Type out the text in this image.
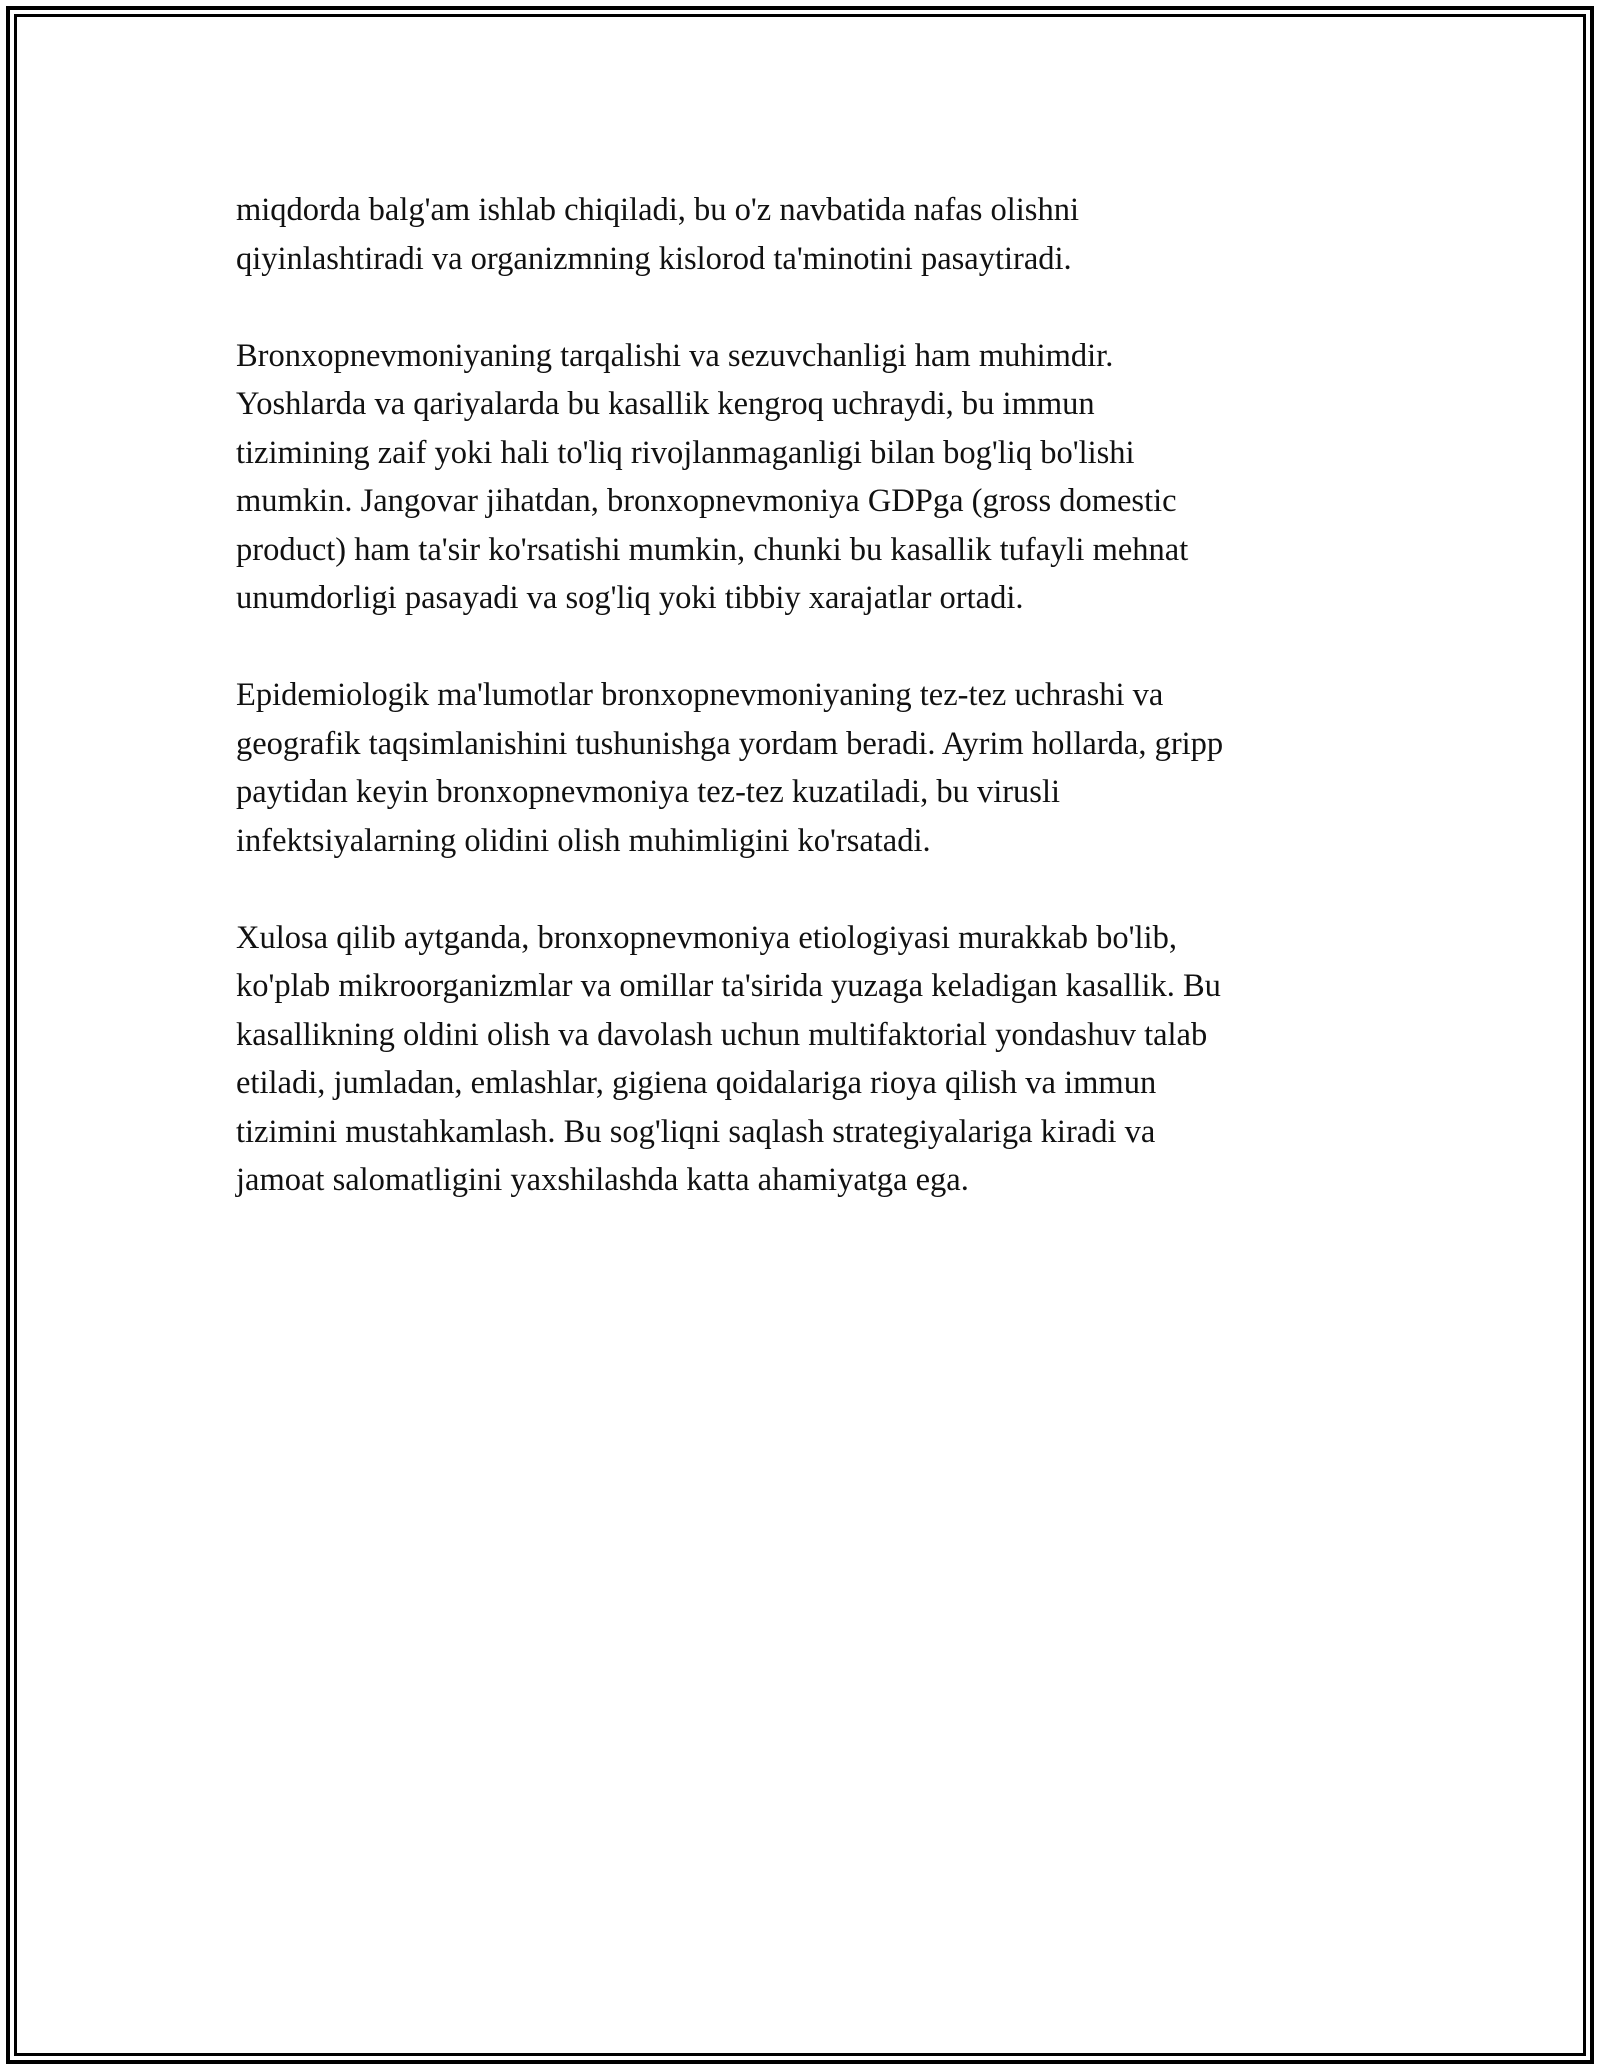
miqdorda balg'am ishlab chiqiladi, bu o'z navbatida nafas olishni
qiyinlashtiradi va organizmning kislorod ta'minotini pasaytiradi.

Bronxopnevmoniyaning tarqalishi va sezuvchanligi ham muhimdir.
Yoshlarda va qariyalarda bu kasallik kengroq uchraydi, bu immun
tizimining zaif yoki hali to'liq rivojlanmaganligi bilan bog'liq bo'lishi
mumkin. Jangovar jihatdan, bronxopnevmoniya GDPga (gross domestic
product) ham ta'sir ko'rsatishi mumkin, chunki bu kasallik tufayli mehnat
unumdorligi pasayadi va sog'liq yoki tibbiy xarajatlar ortadi.

Epidemiologik ma'lumotlar bronxopnevmoniyaning tez-tez uchrashi va
geografik taqsimlanishini tushunishga yordam beradi. Ayrim hollarda, gripp
paytidan keyin bronxopnevmoniya tez-tez kuzatiladi, bu virusli
infektsiyalarning olidini olish muhimligini ko'rsatadi.

Xulosa qilib aytganda, bronxopnevmoniya etiologiyasi murakkab bo'lib,
ko'plab mikroorganizmlar va omillar ta'sirida yuzaga keladigan kasallik. Bu
kasallikning oldini olish va davolash uchun multifaktorial yondashuv talab
etiladi, jumladan, emlashlar, gigiena qoidalariga rioya qilish va immun
tizimini mustahkamlash. Bu sog'liqni saqlash strategiyalariga kiradi va
jamoat salomatligini yaxshilashda katta ahamiyatga ega.
